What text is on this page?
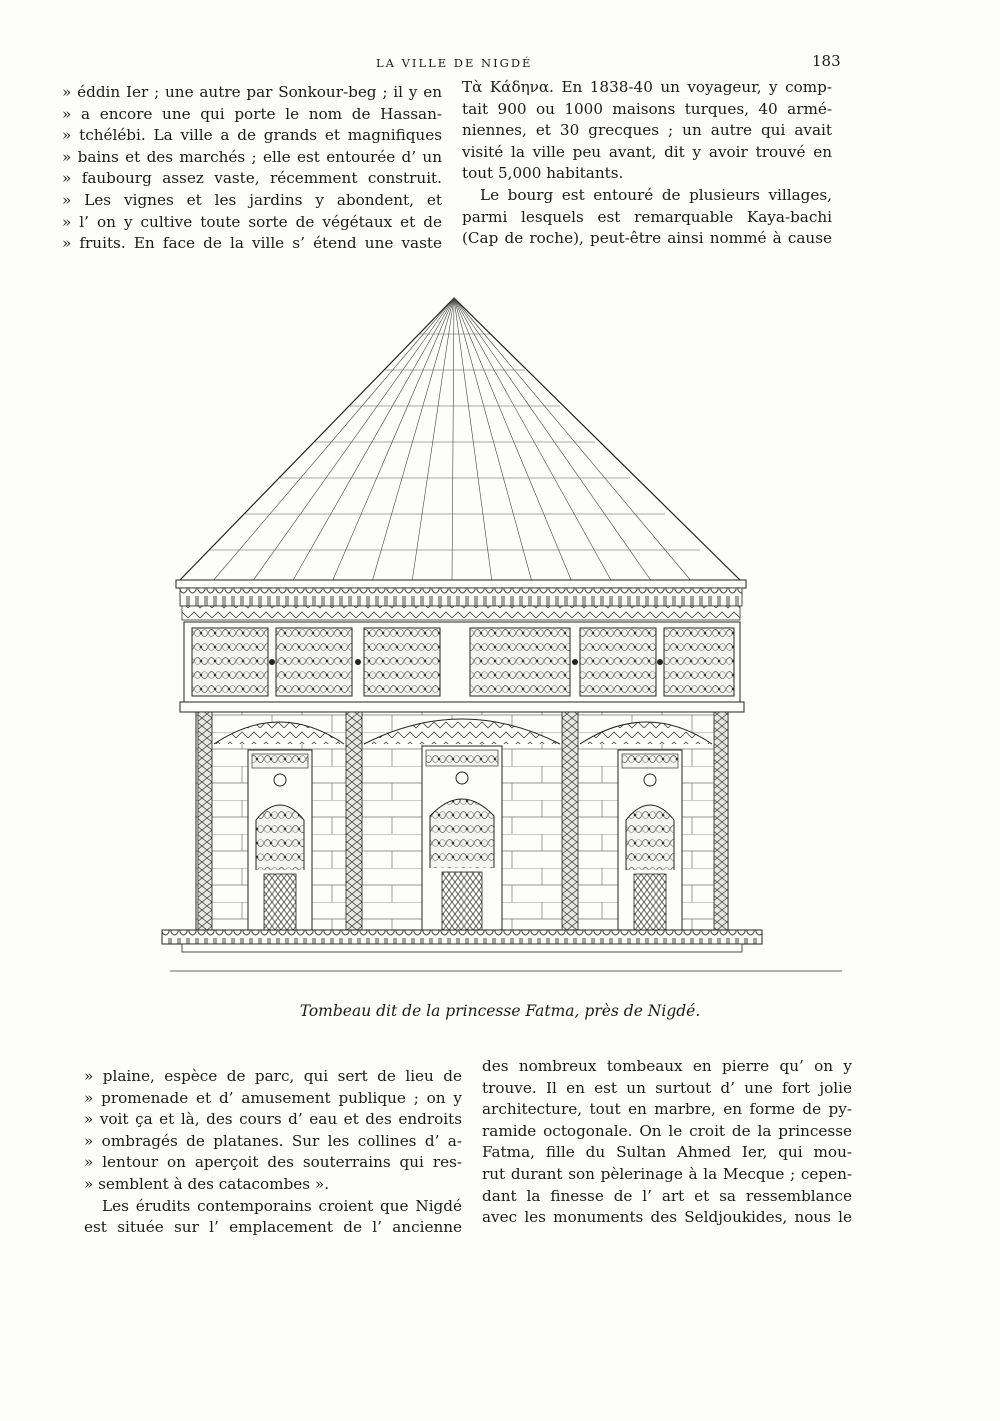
LA VILLE DE NIGDÉ	183
» éddin Ier ; une autre par Sonkour-beg ; il y en
» a encore une qui porte le nom de Hassan-
» tchélébi. La ville a de grands et magnifiques
» bains et des marchés ; elle est entourée d’ un
» faubourg assez vaste, récemment construit.
» Les vignes et les jardins y abondent, et
» l’ on y cultive toute sorte de végétaux et de
» fruits. En face de la ville s’ étend une vaste
Τὰ Κάδηνα. En 1838-40 un voyageur, y comp-
tait 900 ou 1000 maisons turques, 40 armé-
niennes, et 30 grecques ; un autre qui avait
visité la ville peu avant, dit y avoir trouvé en
tout 5,000 habitants.
Le bourg est entouré de plusieurs villages,
parmi lesquels est remarquable Kaya-bachi
(Cap de roche), peut-être ainsi nommé à cause
Tombeau dit de la princesse Fatma, près de Nigdé.
» plaine, espèce de parc, qui sert de lieu de
» promenade et d’ amusement publique ; on y
» voit ça et là, des cours d’ eau et des endroits
» ombragés de platanes. Sur les collines d’ a-
» lentour on aperçoit des souterrains qui res-
» semblent à des catacombes ».
Les érudits contemporains croient que Nigdé
est située sur l’ emplacement de l’ ancienne
des nombreux tombeaux en pierre qu’ on y
trouve. Il en est un surtout d’ une fort jolie
architecture, tout en marbre, en forme de py-
ramide octogonale. On le croit de la princesse
Fatma, fille du Sultan Ahmed Ier, qui mou-
rut durant son pèlerinage à la Mecque ; cepen-
dant la finesse de l’ art et sa ressemblance
avec les monuments des Seldjoukides, nous le
